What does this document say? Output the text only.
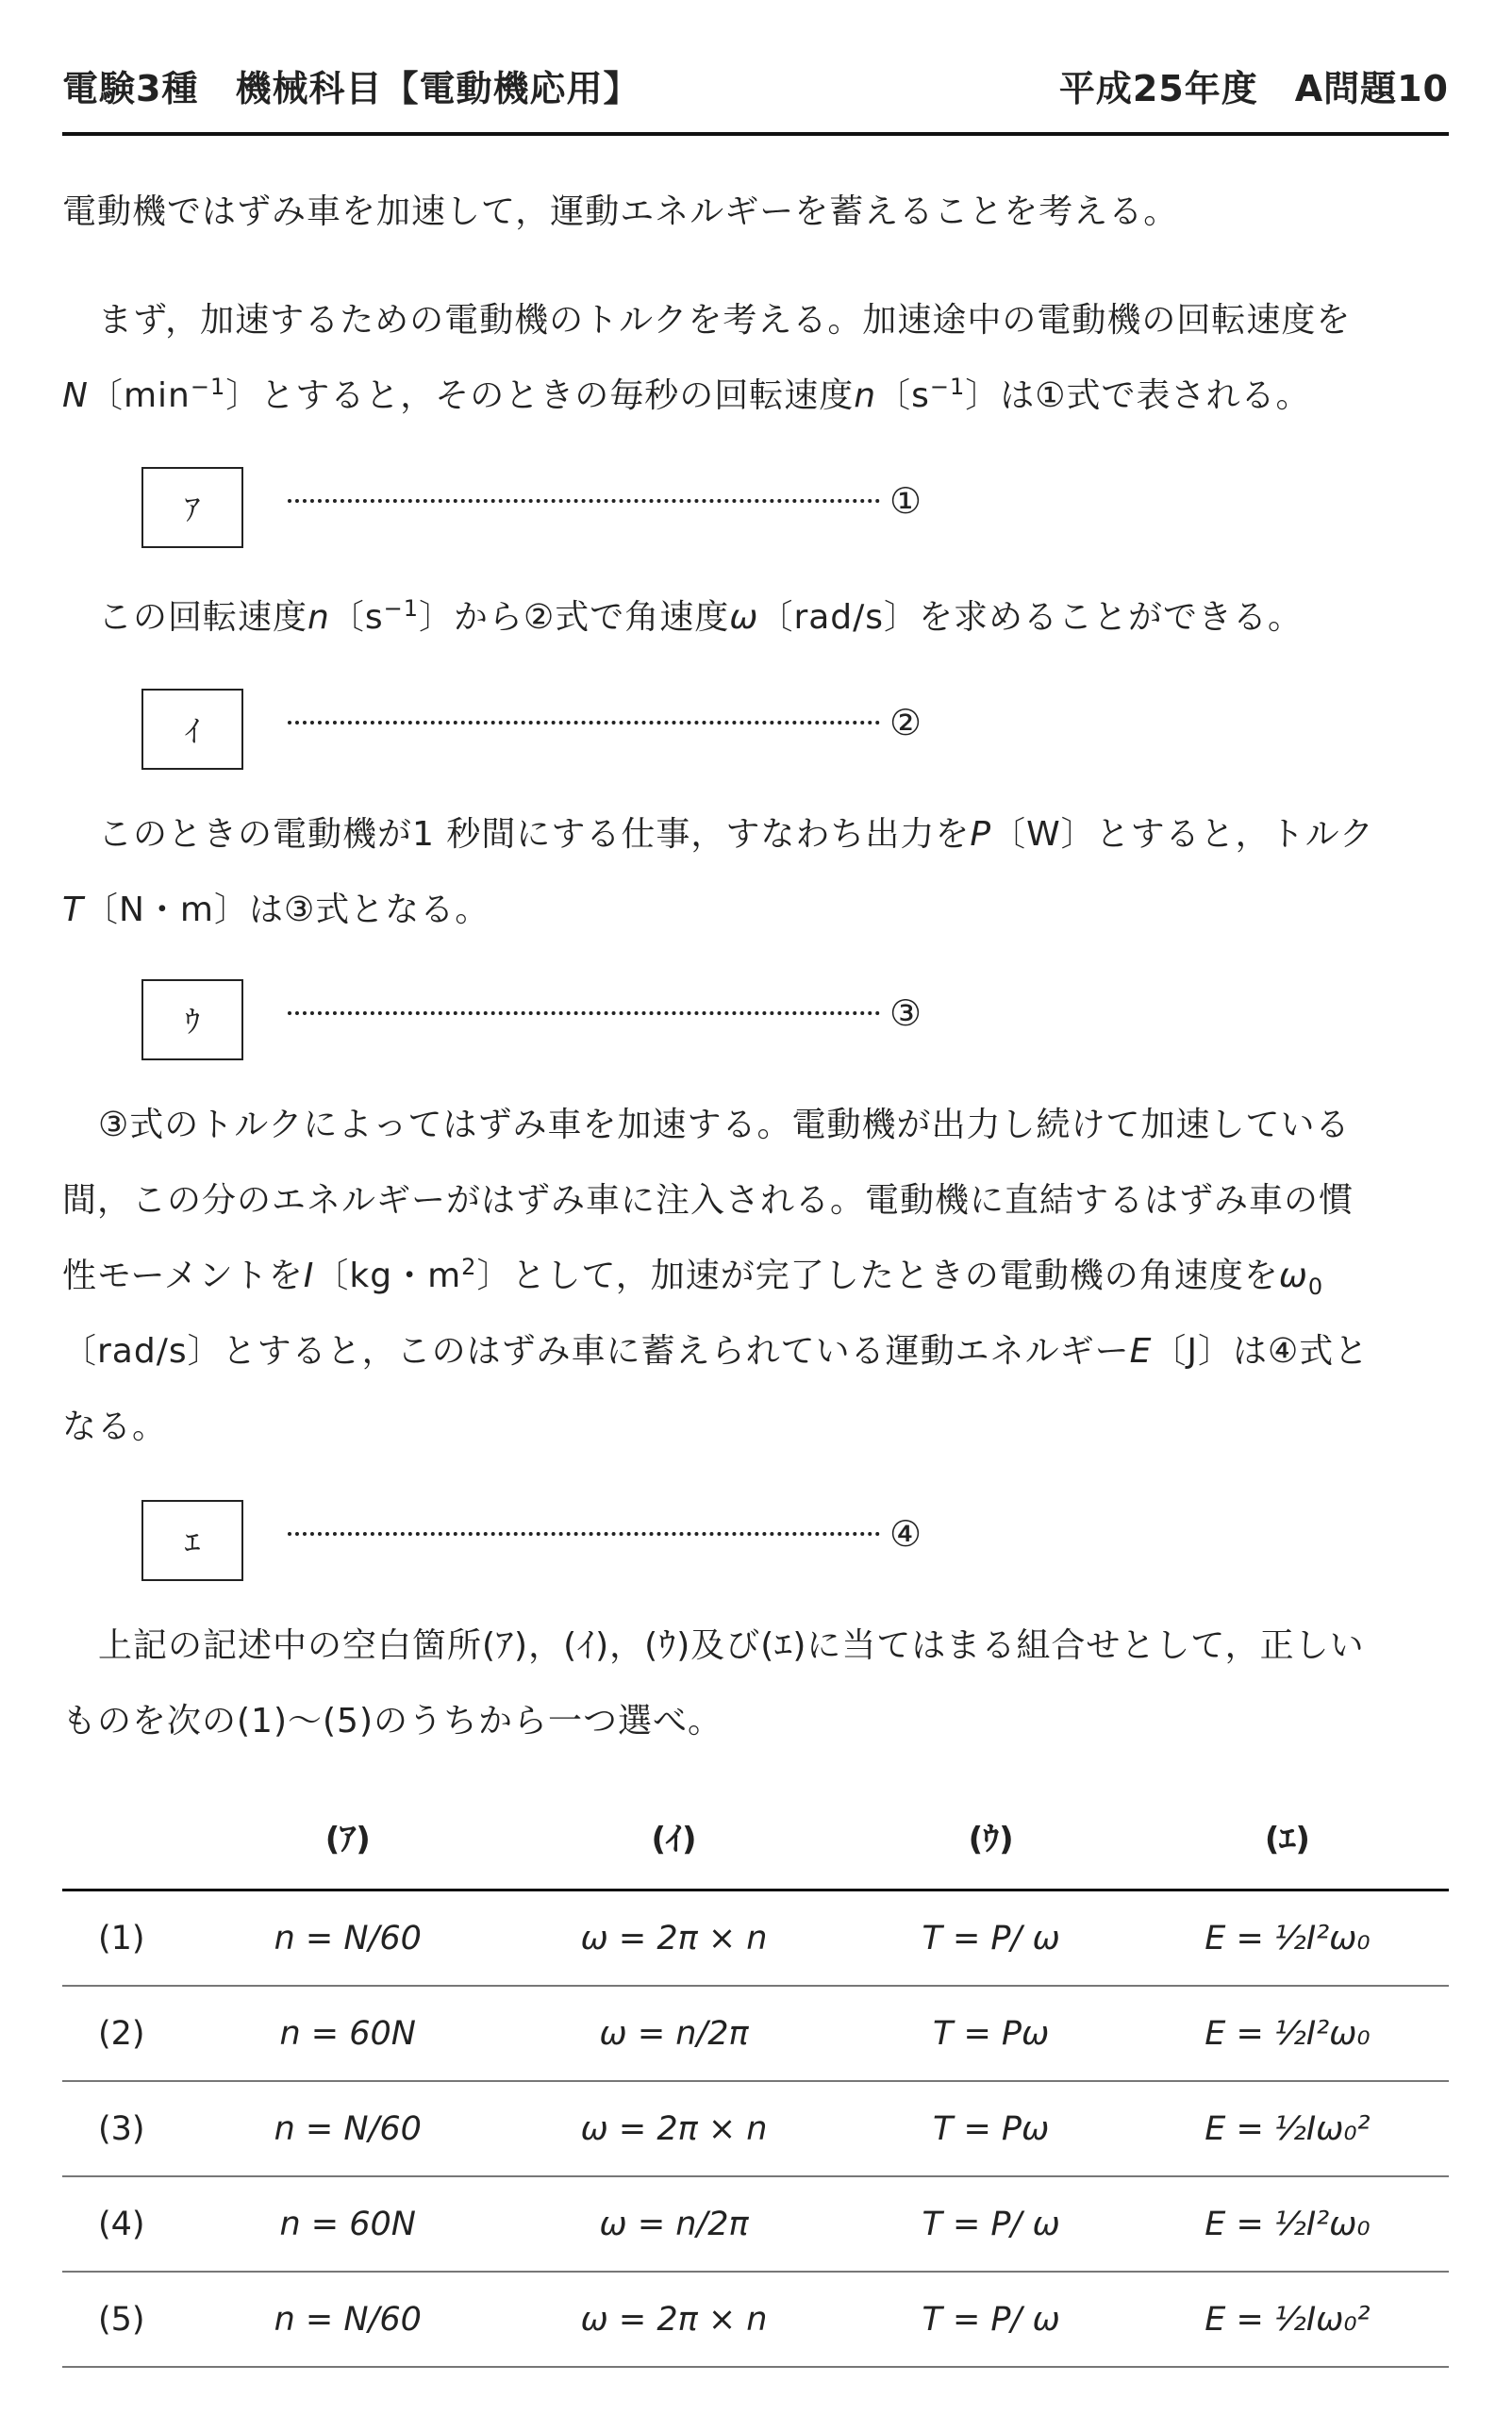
電験3種　機械科目【電動機応用】	平成25年度　A問題10
電動機ではずみ車を加速して，運動エネルギーを蓄えることを考える。
まず，加速するための電動機のトルクを考える。加速途中の電動機の回転速度を
N〔$\min^{-1}$〕とすると，そのときの毎秒の回転速度n〔$s^{-1}$〕は①式で表される。
ｱ	①
この回転速度n〔$s^{-1}$〕から②式で角速度ω〔rad/s〕を求めることができる。
ｲ	②
このときの電動機が1 秒間にする仕事，すなわち出力をP〔W〕とすると，トルク
T〔N・m〕は③式となる。
ｳ	③
③式のトルクによってはずみ車を加速する。電動機が出力し続けて加速している
間，この分のエネルギーがはずみ車に注入される。電動機に直結するはずみ車の慣
性モーメントをI〔kg・$m^2$〕として，加速が完了したときの電動機の角速度を$\omega_0$
〔rad/s〕とすると，このはずみ車に蓄えられている運動エネルギーE〔J〕は④式と
なる。
ｴ	④
上記の記述中の空白箇所(ｱ)，(ｲ)，(ｳ)及び(ｴ)に当てはまる組合せとして，正しい
ものを次の(1)〜(5)のうちから一つ選べ。
	(ｱ)	(ｲ)	(ｳ)	(ｴ)
(1)	n = N/60	ω = 2π × n	T = P/ ω	E = ½I²ω₀
(2)	n = 60N	ω = n/2π	T = Pω	E = ½I²ω₀
(3)	n = N/60	ω = 2π × n	T = Pω	E = ½Iω₀²
(4)	n = 60N	ω = n/2π	T = P/ ω	E = ½I²ω₀
(5)	n = N/60	ω = 2π × n	T = P/ ω	E = ½Iω₀²
